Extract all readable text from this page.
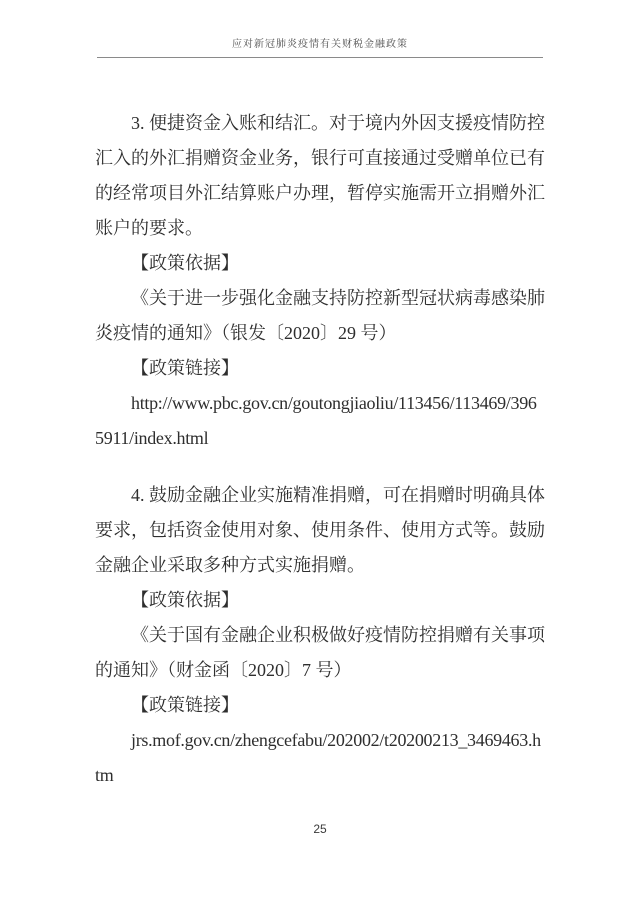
应对新冠肺炎疫情有关财税金融政策

3. 便捷资金入账和结汇。对于境内外因支援疫情防控汇入的外汇捐赠资金业务，银行可直接通过受赠单位已有的经常项目外汇结算账户办理，暂停实施需开立捐赠外汇账户的要求。

【政策依据】

《关于进一步强化金融支持防控新型冠状病毒感染肺炎疫情的通知》（银发〔2020〕29 号）

【政策链接】

http://www.pbc.gov.cn/goutongjiaoliu/113456/113469/3965911/index.html

4. 鼓励金融企业实施精准捐赠，可在捐赠时明确具体要求，包括资金使用对象、使用条件、使用方式等。鼓励金融企业采取多种方式实施捐赠。

【政策依据】

《关于国有金融企业积极做好疫情防控捐赠有关事项的通知》（财金函〔2020〕7 号）

【政策链接】

jrs.mof.gov.cn/zhengcefabu/202002/t20200213_3469463.htm

25
